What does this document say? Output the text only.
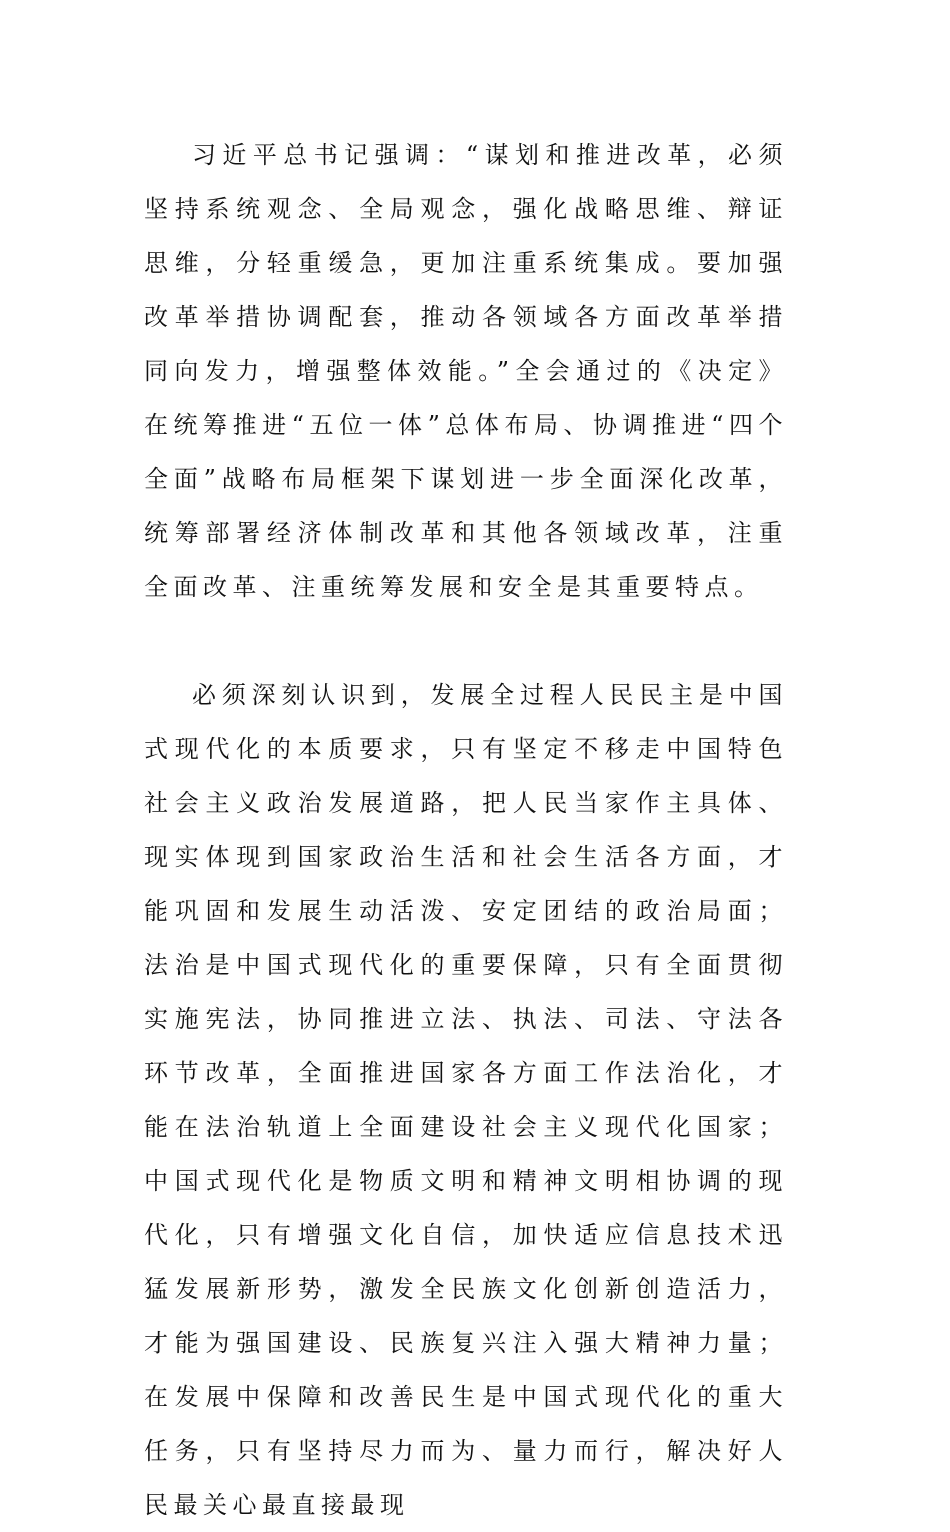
习近平总书记强调：“谋划和推进改革，必须坚持系统观念、全局观念，强化战略思维、辩证思维，分轻重缓急，更加注重系统集成。要加强改革举措协调配套，推动各领域各方面改革举措同向发力，增强整体效能。”全会通过的《决定》在统筹推进“五位一体”总体布局、协调推进“四个全面”战略布局框架下谋划进一步全面深化改革，统筹部署经济体制改革和其他各领域改革，注重全面改革、注重统筹发展和安全是其重要特点。

必须深刻认识到，发展全过程人民民主是中国式现代化的本质要求，只有坚定不移走中国特色社会主义政治发展道路，把人民当家作主具体、现实体现到国家政治生活和社会生活各方面，才能巩固和发展生动活泼、安定团结的政治局面；法治是中国式现代化的重要保障，只有全面贯彻实施宪法，协同推进立法、执法、司法、守法各环节改革，全面推进国家各方面工作法治化，才能在法治轨道上全面建设社会主义现代化国家；中国式现代化是物质文明和精神文明相协调的现代化，只有增强文化自信，加快适应信息技术迅猛发展新形势，激发全民族文化创新创造活力，才能为强国建设、民族复兴注入强大精神力量；在发展中保障和改善民生是中国式现代化的重大任务，只有坚持尽力而为、量力而行，解决好人民最关心最直接最现
